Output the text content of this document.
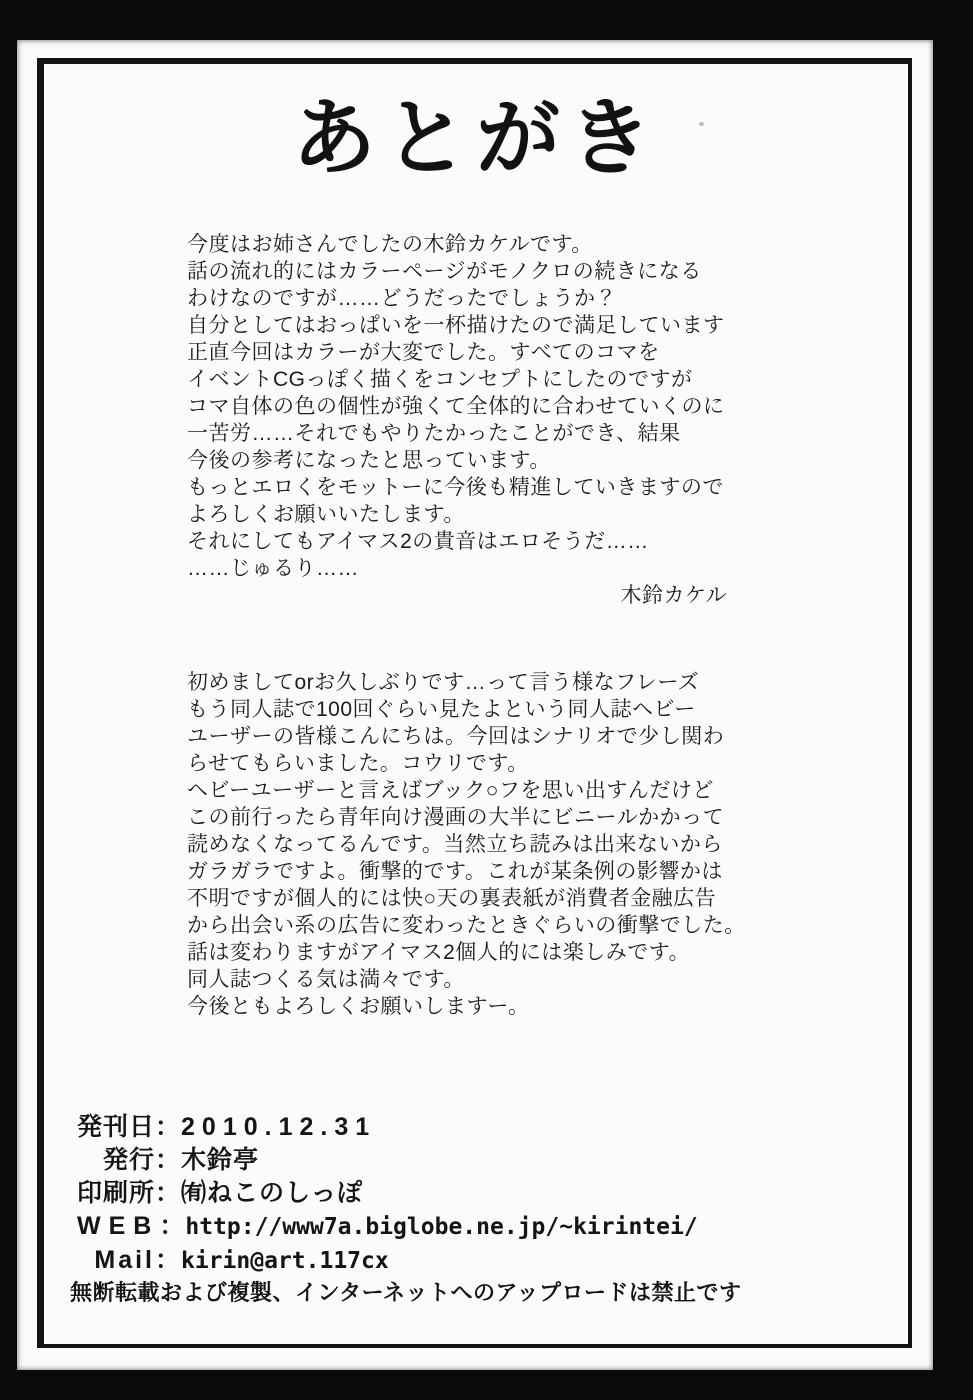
あとがき
今度はお姉さんでしたの木鈴カケルです。
話の流れ的にはカラーページがモノクロの続きになる
わけなのですが……どうだったでしょうか？
自分としてはおっぱいを一杯描けたので満足しています
正直今回はカラーが大変でした。すべてのコマを
イベントCGっぽく描くをコンセプトにしたのですが
コマ自体の色の個性が強くて全体的に合わせていくのに
一苦労……それでもやりたかったことができ、結果
今後の参考になったと思っています。
もっとエロくをモットーに今後も精進していきますので
よろしくお願いいたします。
それにしてもアイマス2の貴音はエロそうだ……
……じゅるり……
木鈴カケル
初めましてorお久しぶりです…って言う様なフレーズ
もう同人誌で100回ぐらい見たよという同人誌ヘビー
ユーザーの皆様こんにちは。今回はシナリオで少し関わ
らせてもらいました。コウリです。
ヘビーユーザーと言えばブック○フを思い出すんだけど
この前行ったら青年向け漫画の大半にビニールかかって
読めなくなってるんです。当然立ち読みは出来ないから
ガラガラですよ。衝撃的です。これが某条例の影響かは
不明ですが個人的には快○天の裏表紙が消費者金融広告
から出会い系の広告に変わったときぐらいの衝撃でした。
話は変わりますがアイマス2個人的には楽しみです。
同人誌つくる気は満々です。
今後ともよろしくお願いしますー。
発刊日：2010.12.31
発行：木鈴亭
印刷所：㈲ねこのしっぽ
WEB：http://www7a.biglobe.ne.jp/~kirintei/
Mail：kirin@art.117cx
無断転載および複製、インターネットへのアップロードは禁止です
